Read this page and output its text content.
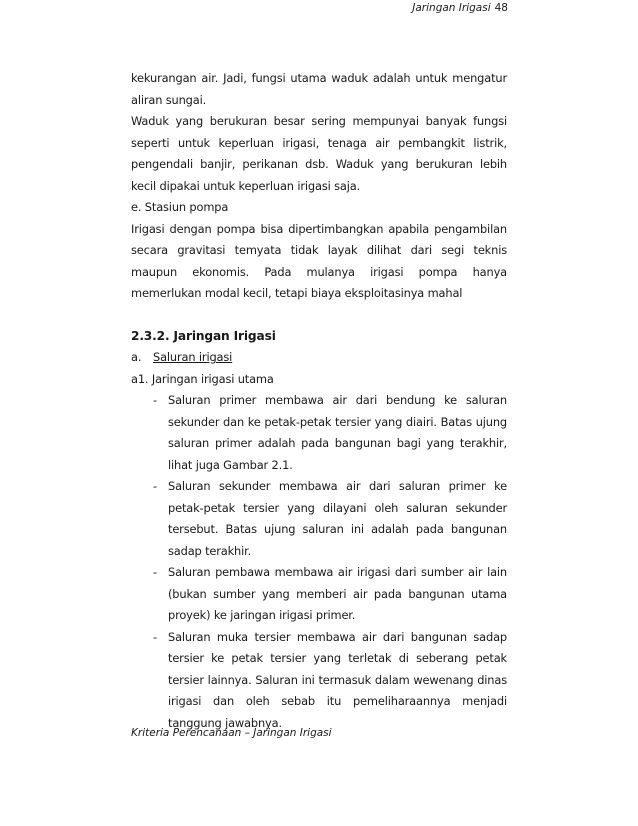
Jaringan Irigasi 48

kekurangan air. Jadi, fungsi utama waduk adalah untuk mengatur aliran sungai.

Waduk yang berukuran besar sering mempunyai banyak fungsi seperti untuk keperluan irigasi, tenaga air pembangkit listrik, pengendali banjir, perikanan dsb. Waduk yang berukuran lebih kecil dipakai untuk keperluan irigasi saja.

e. Stasiun pompa

Irigasi dengan pompa bisa dipertimbangkan apabila pengambilan secara gravitasi temyata tidak layak dilihat dari segi teknis maupun ekonomis. Pada mulanya irigasi pompa hanya memerlukan modal kecil, tetapi biaya eksploitasinya mahal

2.3.2. Jaringan Irigasi

a. Saluran irigasi

a1. Jaringan irigasi utama

- Saluran primer membawa air dari bendung ke saluran sekunder dan ke petak-petak tersier yang diairi. Batas ujung saluran primer adalah pada bangunan bagi yang terakhir, lihat juga Gambar 2.1.
- Saluran sekunder membawa air dari saluran primer ke petak-petak tersier yang dilayani oleh saluran sekunder tersebut. Batas ujung saluran ini adalah pada bangunan sadap terakhir.
- Saluran pembawa membawa air irigasi dari sumber air lain (bukan sumber yang memberi air pada bangunan utama proyek) ke jaringan irigasi primer.
- Saluran muka tersier membawa air dari bangunan sadap tersier ke petak tersier yang terletak di seberang petak tersier lainnya. Saluran ini termasuk dalam wewenang dinas irigasi dan oleh sebab itu pemeliharaannya menjadi tanggung jawabnya.
Kriteria Perencanaan – Jaringan Irigasi
